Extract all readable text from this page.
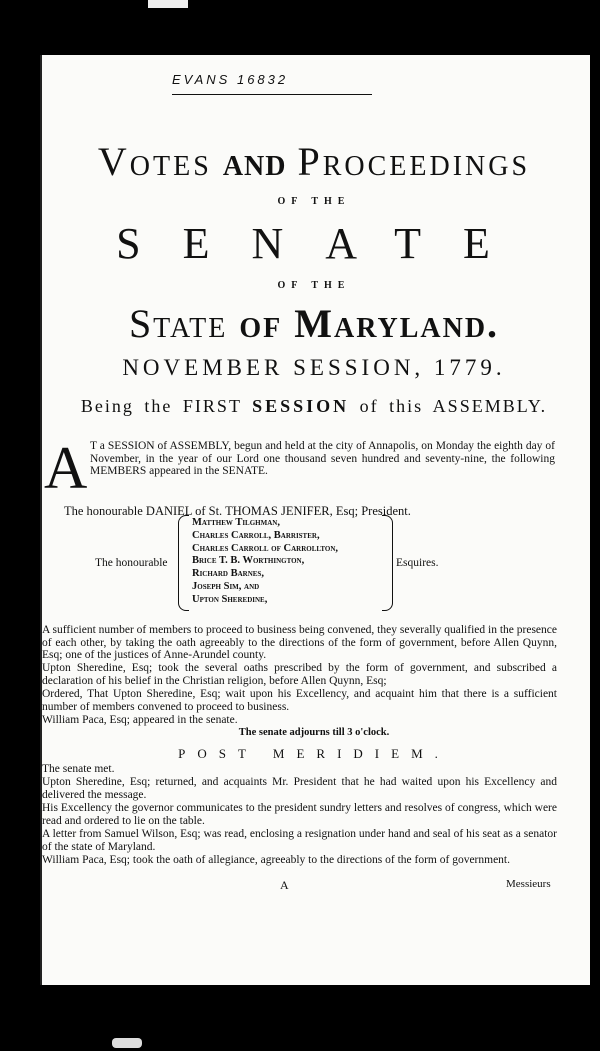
EVANS 16832
Votes and Proceedings
OF THE
SENATE
OF THE
State of Maryland.
NOVEMBER SESSION, 1779.
Being the FIRST SESSION of this ASSEMBLY.
A T a SESSION of ASSEMBLY, begun and held at the city of Annapolis, on Monday the eighth day of November, in the year of our Lord one thousand seven hundred and seventy-nine, the following MEMBERS appeared in the SENATE.
The honourable DANIEL of St. THOMAS JENIFER, Esq; President.
The honourable
Matthew Tilghman,
Charles Carroll, Barrister,
Charles Carroll of Carrollton,
Brice T. B. Worthington,
Richard Barnes,
Joseph Sim, and
Upton Sheredine,
Esquires.
A sufficient number of members to proceed to business being convened, they severally qualified in the presence of each other, by taking the oath agreeably to the directions of the form of government, before Allen Quynn, Esq; one of the justices of Anne-Arundel county.
Upton Sheredine, Esq; took the several oaths prescribed by the form of government, and subscribed a declaration of his belief in the Christian religion, before Allen Quynn, Esq;
Ordered, That Upton Sheredine, Esq; wait upon his Excellency, and acquaint him that there is a sufficient number of members convened to proceed to business.
William Paca, Esq; appeared in the senate.
The senate adjourns till 3 o'clock.
POST MERIDIEM.
The senate met.
Upton Sheredine, Esq; returned, and acquaints Mr. President that he had waited upon his Excellency and delivered the message.
His Excellency the governor communicates to the president sundry letters and resolves of congress, which were read and ordered to lie on the table.
A letter from Samuel Wilson, Esq; was read, enclosing a resignation under hand and seal of his seat as a senator of the state of Maryland.
William Paca, Esq; took the oath of allegiance, agreeably to the directions of the form of government.
A	Messieurs
